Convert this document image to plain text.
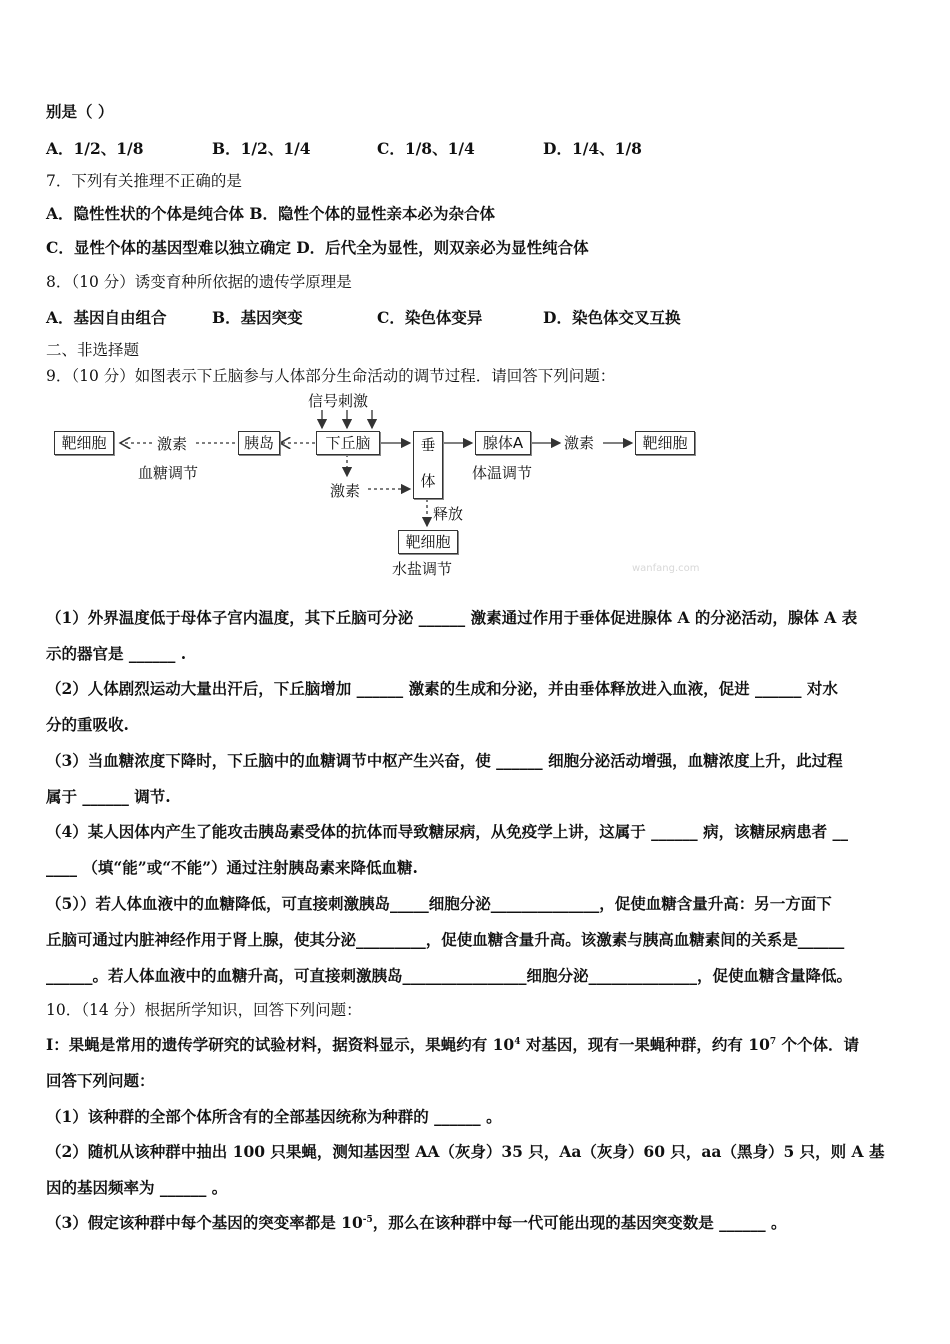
别是（ ）
A．1/2、1/8	B．1/2、1/4	C．1/8、1/4	D．1/4、1/8
7．下列有关推理不正确的是
A．隐性性状的个体是纯合体 B．隐性个体的显性亲本必为杂合体
C．显性个体的基因型难以独立确定 D．后代全为显性，则双亲必为显性纯合体
8．（10 分）诱变育种所依据的遗传学原理是
A．基因自由组合	B．基因突变	C．染色体变异	D．染色体交叉互换
二、非选择题
9．（10 分）如图表示下丘脑参与人体部分生命活动的调节过程．请回答下列问题：
信号刺激
靶细胞	激素	胰岛	下丘脑	垂
体
腺体A	激素	靶细胞
血糖调节	体温调节
激素
释放
靶细胞
水盐调节	wanfang.com
（1）外界温度低于母体子宫内温度，其下丘脑可分泌 ______ 激素通过作用于垂体促进腺体 A 的分泌活动，腺体 A 表
示的器官是 ______ .
（2）人体剧烈运动大量出汗后，下丘脑增加 ______ 激素的生成和分泌，并由垂体释放进入血液，促进 ______ 对水
分的重吸收.
（3）当血糖浓度下降时，下丘脑中的血糖调节中枢产生兴奋，使 ______ 细胞分泌活动增强，血糖浓度上升，此过程
属于 ______ 调节.
（4）某人因体内产生了能攻击胰岛素受体的抗体而导致糖尿病，从免疫学上讲，这属于 ______ 病，该糖尿病患者 __
____ （填“能”或“不能”）通过注射胰岛素来降低血糖.
（5））若人体血液中的血糖降低，可直接刺激胰岛_____细胞分泌______________，促使血糖含量升高：另一方面下
丘脑可通过内脏神经作用于肾上腺，使其分泌_________，促使血糖含量升高。该激素与胰高血糖素间的关系是______
______。若人体血液中的血糖升高，可直接刺激胰岛________________细胞分泌______________，促使血糖含量降低。
10．（14 分）根据所学知识，回答下列问题：
I：果蝇是常用的遗传学研究的试验材料，据资料显示，果蝇约有 $10^4$ 对基因，现有一果蝇种群，约有 $10^7$ 个个体．请
回答下列问题：
（1）该种群的全部个体所含有的全部基因统称为种群的 ______ 。
（2）随机从该种群中抽出 100 只果蝇，测知基因型 AA（灰身）35 只，Aa（灰身）60 只，aa（黑身）5 只，则 A 基
因的基因频率为 ______ 。
（3）假定该种群中每个基因的突变率都是 $10^{-5}$，那么在该种群中每一代可能出现的基因突变数是 ______ 。
